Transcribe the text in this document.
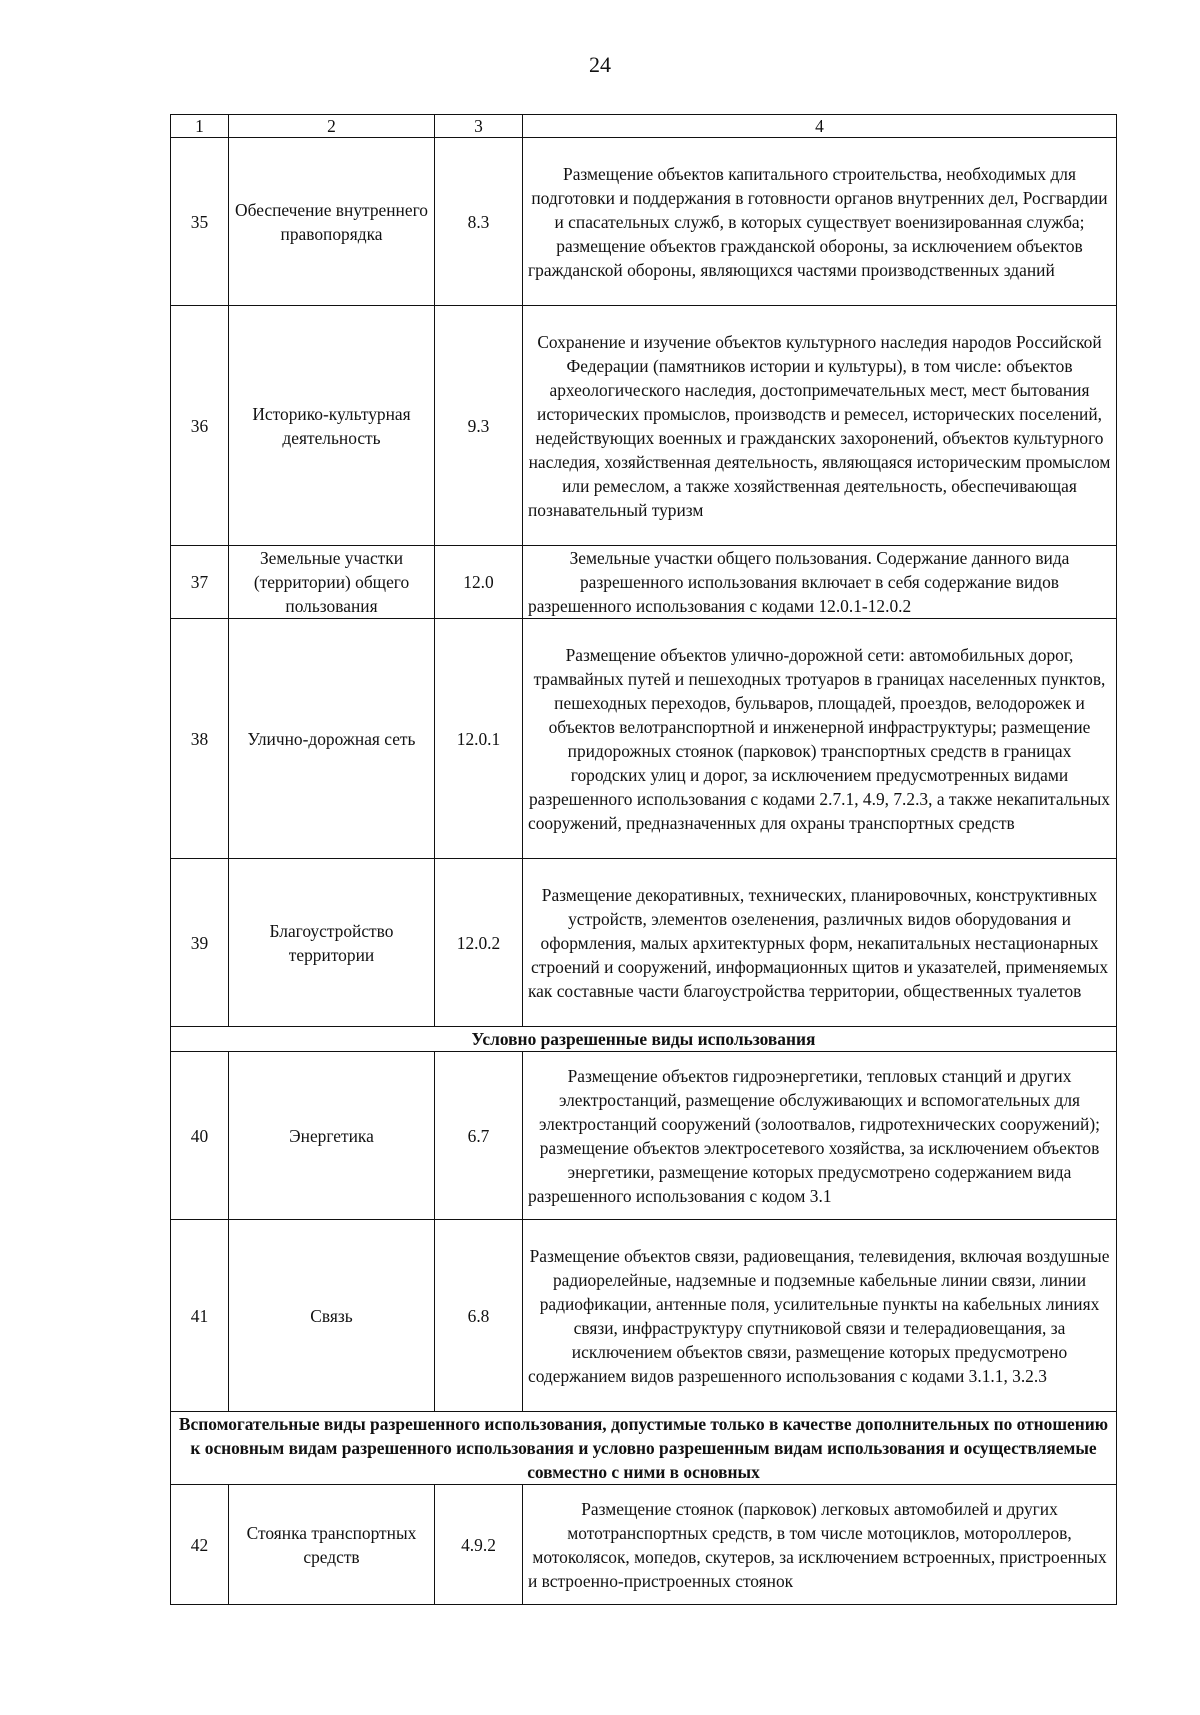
24
1	2	3	4
35	Обеспечение внутреннего правопорядка	8.3	Размещение объектов капитального строительства, необходимых для подготовки и поддержания в готовности органов внутренних дел, Росгвардии и спасательных служб, в которых существует военизированная служба; размещение объектов гражданской обороны, за исключением объектов гражданской обороны, являющихся частями производственных зданий
36	Историко-культурная деятельность	9.3	Сохранение и изучение объектов культурного наследия народов Российской Федерации (памятников истории и культуры), в том числе: объектов археологического наследия, достопримечательных мест, мест бытования исторических промыслов, производств и ремесел, исторических поселений, недействующих военных и гражданских захоронений, объектов культурного наследия, хозяйственная деятельность, являющаяся историческим промыслом или ремеслом, а также хозяйственная деятельность, обеспечивающая познавательный туризм
37	Земельные участки (территории) общего пользования	12.0	Земельные участки общего пользования. Содержание данного вида разрешенного использования включает в себя содержание видов разрешенного использования с кодами 12.0.1-12.0.2
38	Улично-дорожная сеть	12.0.1	Размещение объектов улично-дорожной сети: автомобильных дорог, трамвайных путей и пешеходных тротуаров в границах населенных пунктов, пешеходных переходов, бульваров, площадей, проездов, велодорожек и объектов велотранспортной и инженерной инфраструктуры; размещение придорожных стоянок (парковок) транспортных средств в границах городских улиц и дорог, за исключением предусмотренных видами разрешенного использования с кодами 2.7.1, 4.9, 7.2.3, а также некапитальных сооружений, предназначенных для охраны транспортных средств
39	Благоустройство территории	12.0.2	Размещение декоративных, технических, планировочных, конструктивных устройств, элементов озеленения, различных видов оборудования и оформления, малых архитектурных форм, некапитальных нестационарных строений и сооружений, информационных щитов и указателей, применяемых как составные части благоустройства территории, общественных туалетов
Условно разрешенные виды использования			
40	Энергетика	6.7	Размещение объектов гидроэнергетики, тепловых станций и других электростанций, размещение обслуживающих и вспомогательных для электростанций сооружений (золоотвалов, гидротехнических сооружений); размещение объектов электросетевого хозяйства, за исключением объектов энергетики, размещение которых предусмотрено содержанием вида разрешенного использования с кодом 3.1
41	Связь	6.8	Размещение объектов связи, радиовещания, телевидения, включая воздушные радиорелейные, надземные и подземные кабельные линии связи, линии радиофикации, антенные поля, усилительные пункты на кабельных линиях связи, инфраструктуру спутниковой связи и телерадиовещания, за исключением объектов связи, размещение которых предусмотрено содержанием видов разрешенного использования с кодами 3.1.1, 3.2.3
Вспомогательные виды разрешенного использования, допустимые только в качестве дополнительных по отношению к основным видам разрешенного использования и условно разрешенным видам использования и осуществляемые совместно с ними в основных			
42	Стоянка транспортных средств	4.9.2	Размещение стоянок (парковок) легковых автомобилей и других мототранспортных средств, в том числе мотоциклов, мотороллеров, мотоколясок, мопедов, скутеров, за исключением встроенных, пристроенных и встроенно-пристроенных стоянок
